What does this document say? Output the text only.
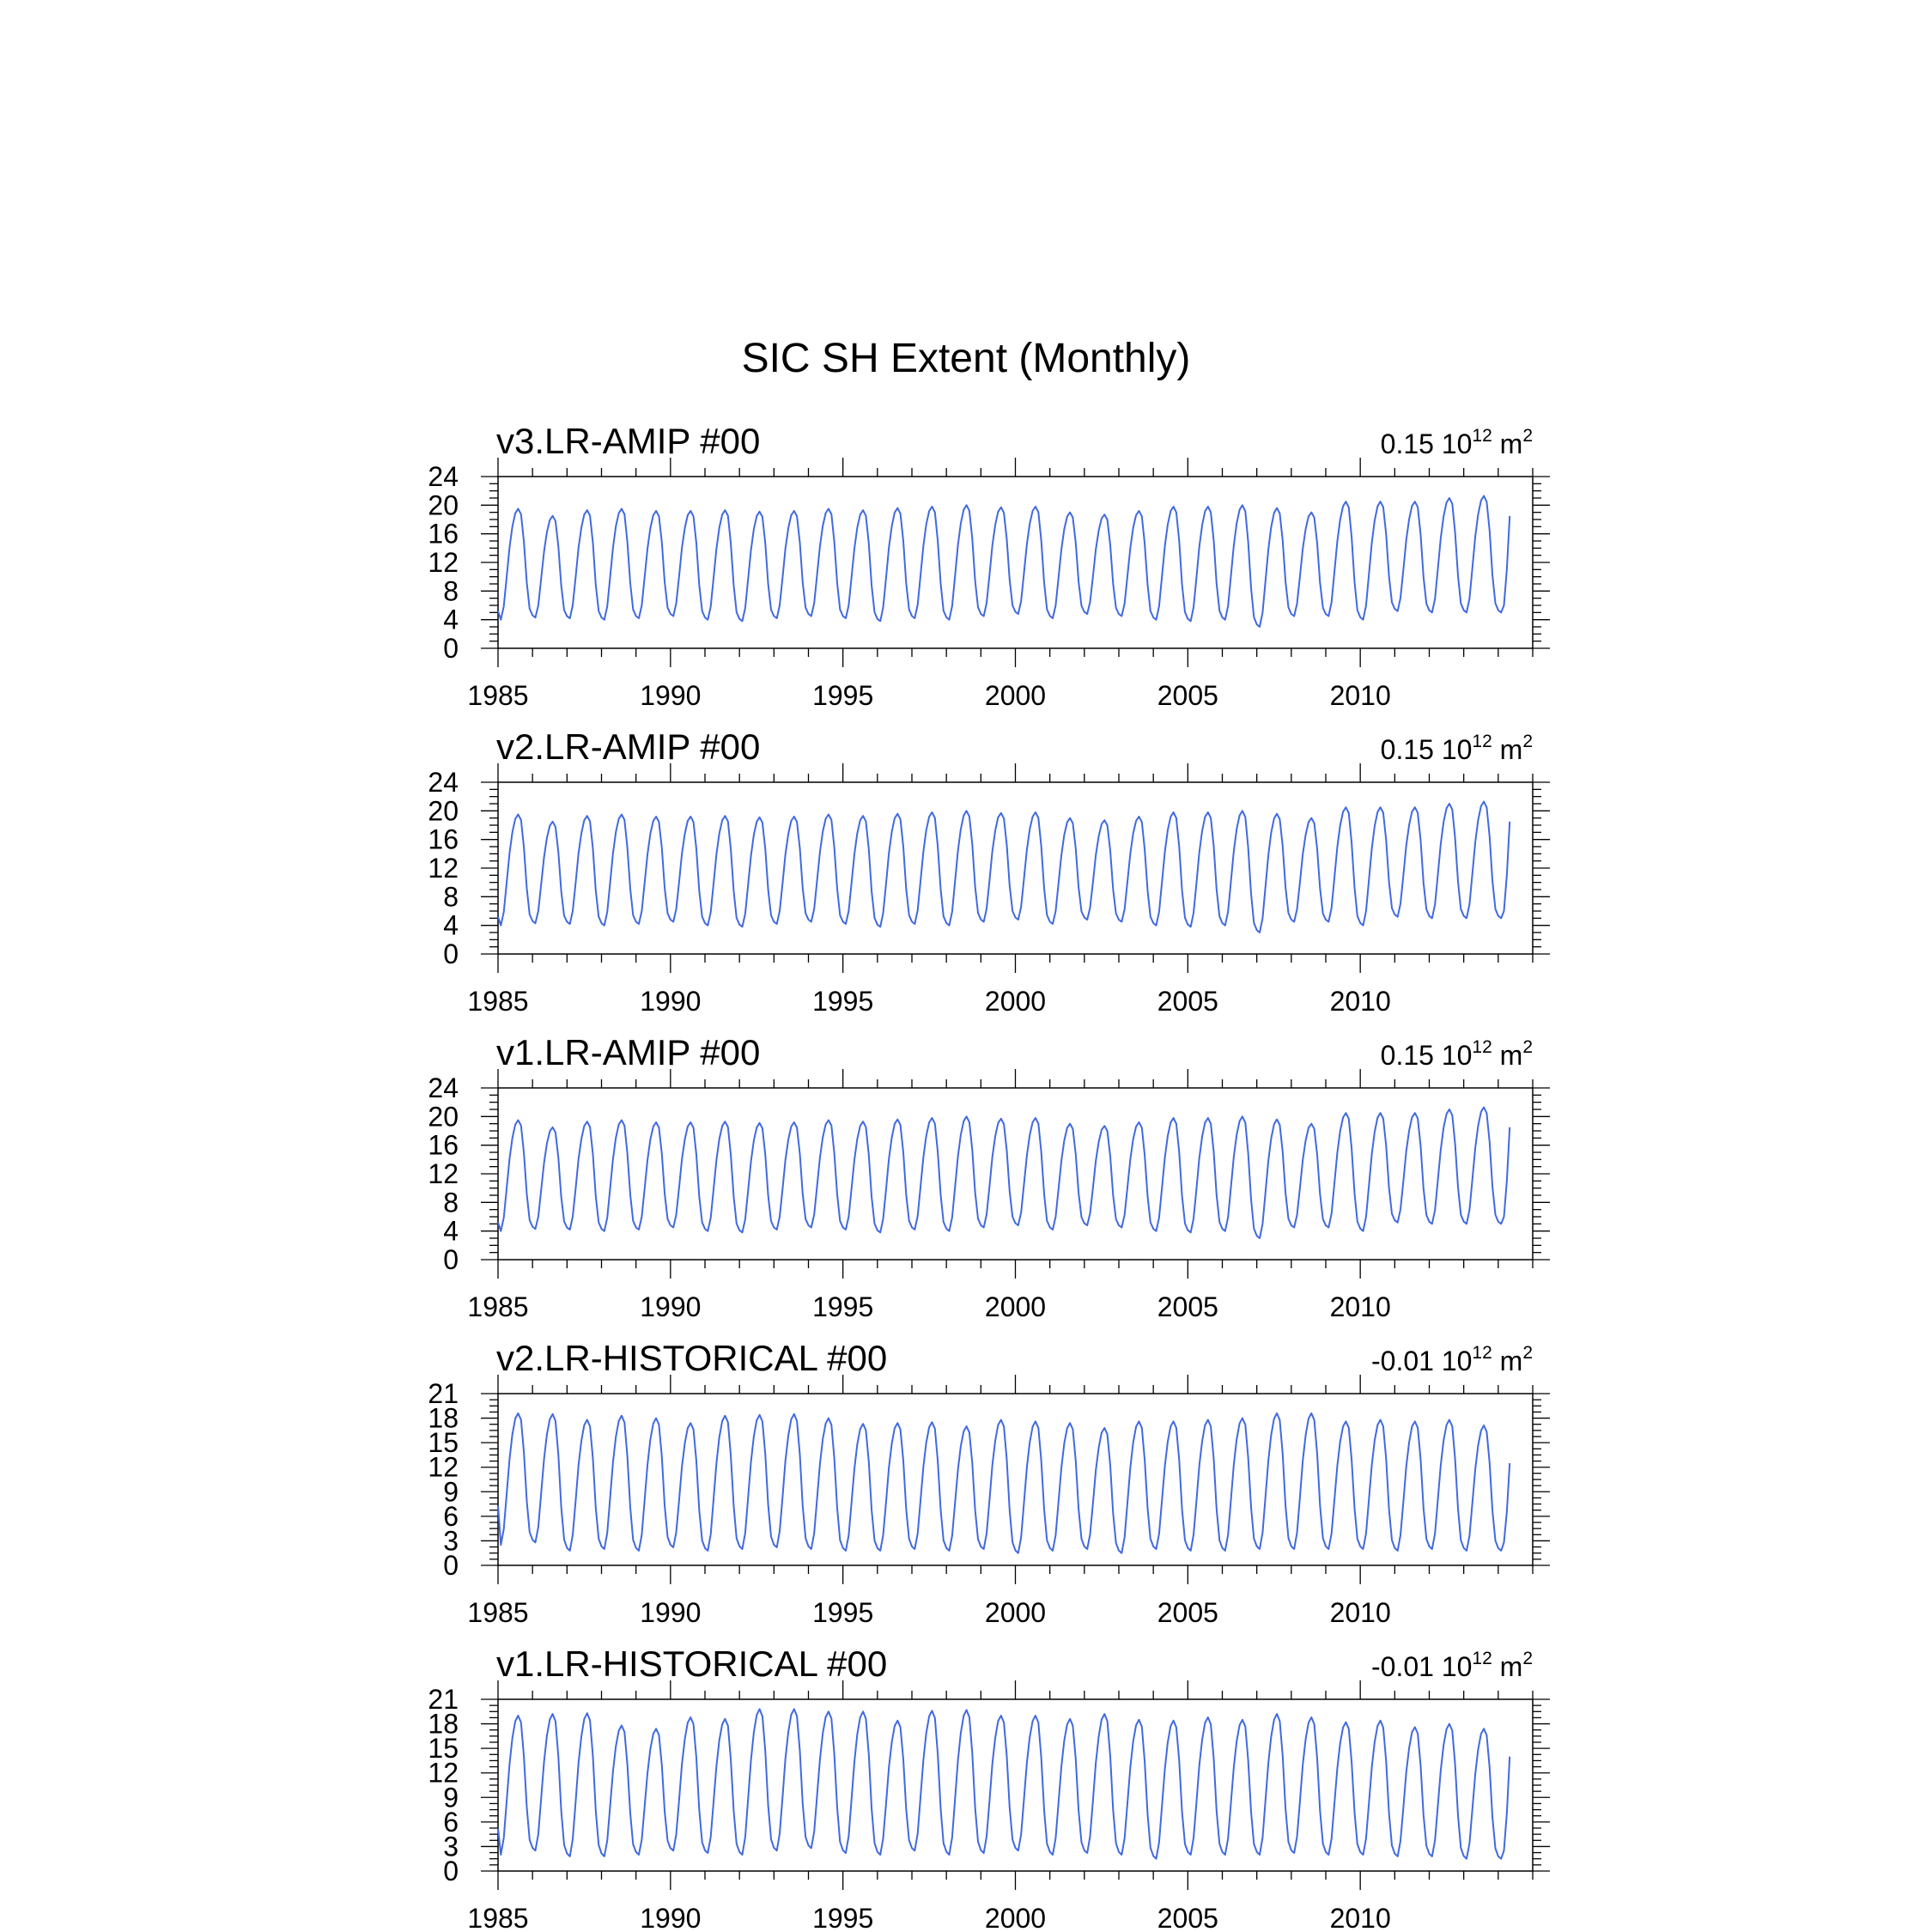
SIC SH Extent (Monthly)
v3.LR-AMIP #00	0.15 $10^{12}$ $m^2$
1985	1990	1995	2000	2005	2010
0
4
8
12
16
20
24
v2.LR-AMIP #00	0.15 $10^{12}$ $m^2$
1985	1990	1995	2000	2005	2010
0
4
8
12
16
20
24
v1.LR-AMIP #00	0.15 $10^{12}$ $m^2$
1985	1990	1995	2000	2005	2010
0
4
8
12
16
20
24
v2.LR-HISTORICAL #00	-0.01 $10^{12}$ $m^2$
1985	1990	1995	2000	2005	2010
0
3
6
9
12
15
18
21
v1.LR-HISTORICAL #00	-0.01 $10^{12}$ $m^2$
1985	1990	1995	2000	2005	2010
0
3
6
9
12
15
18
21
